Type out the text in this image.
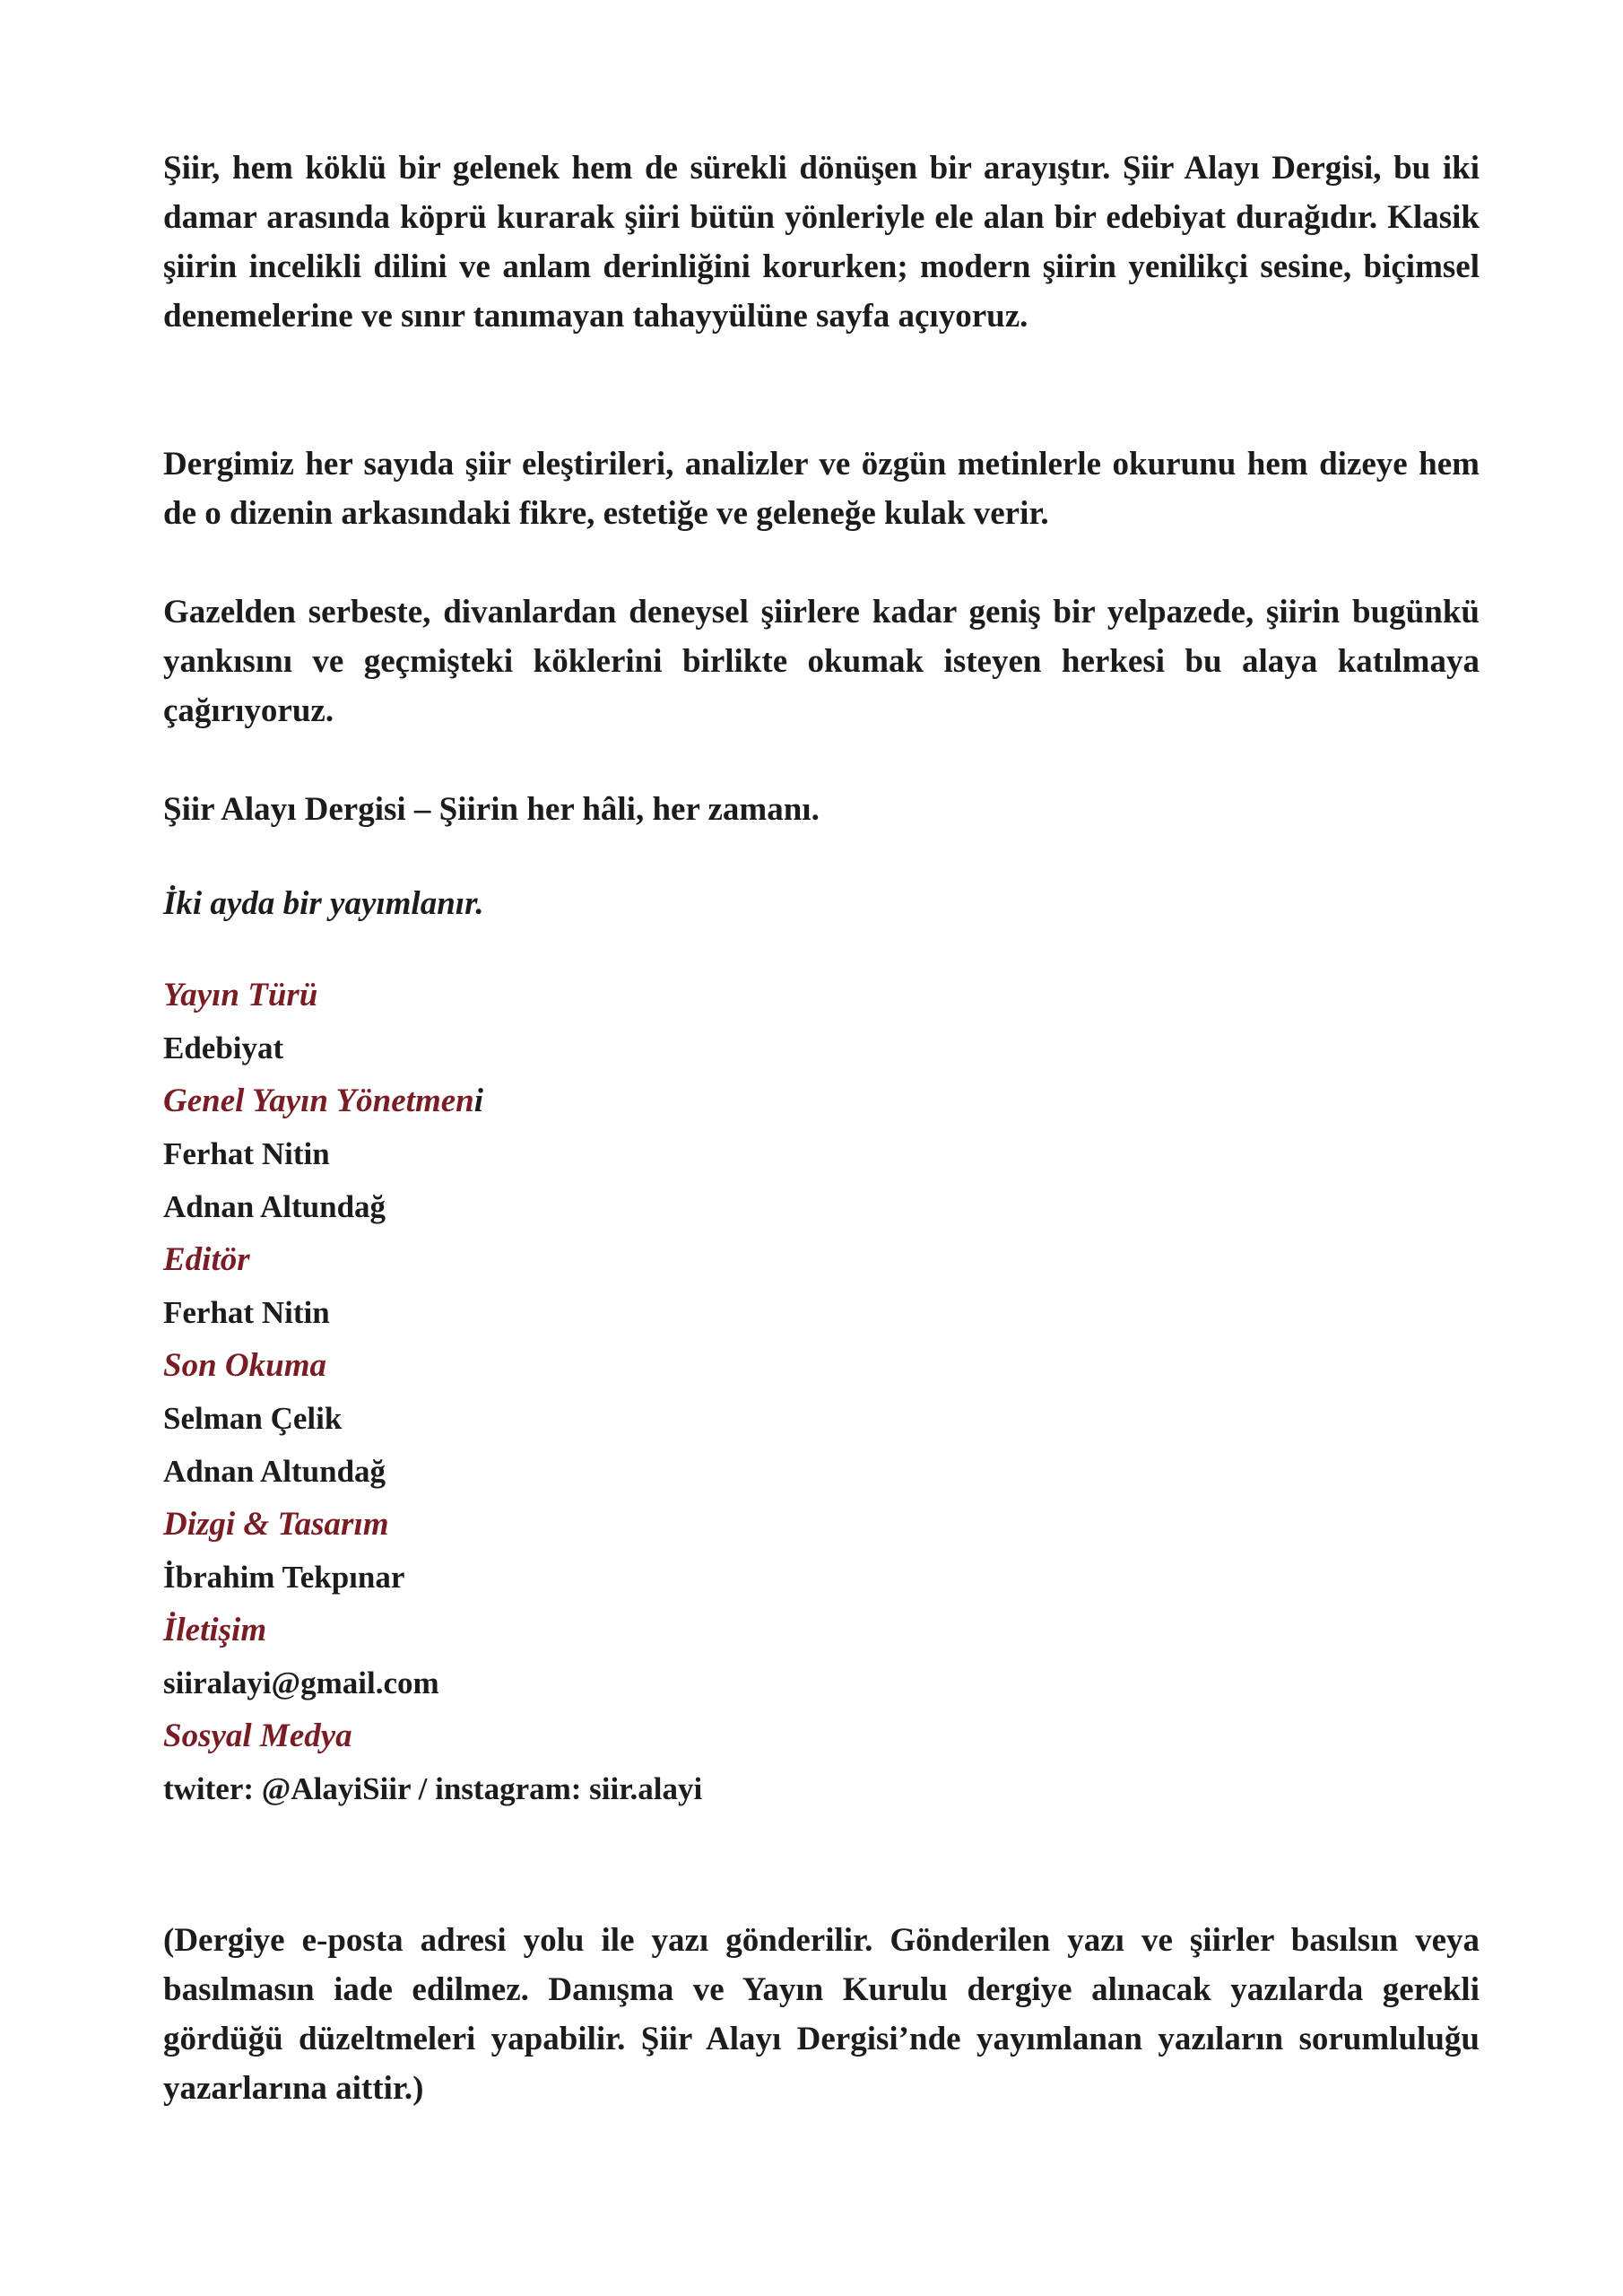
Şiir, hem köklü bir gelenek hem de sürekli dönüşen bir arayıştır. Şiir Alayı Dergisi, bu iki damar arasında köprü kurarak şiiri bütün yönleriyle ele alan bir edebiyat durağıdır. Klasik şiirin incelikli dilini ve anlam derinliğini korurken; modern şiirin yenilikçi sesine, biçimsel denemelerine ve sınır tanımayan tahayyülüne sayfa açıyoruz.

Dergimiz her sayıda şiir eleştirileri, analizler ve özgün metinlerle okurunu hem dizeye hem de o dizenin arkasındaki fikre, estetiğe ve geleneğe kulak verir.

Gazelden serbeste, divanlardan deneysel şiirlere kadar geniş bir yelpazede, şiirin bugünkü yankısını ve geçmişteki köklerini birlikte okumak isteyen herkesi bu alaya katılmaya çağırıyoruz.

Şiir Alayı Dergisi – Şiirin her hâli, her zamanı.

İki ayda bir yayımlanır.

Yayın Türü
Edebiyat
Genel Yayın Yönetmeni
Ferhat Nitin
Adnan Altundağ
Editör
Ferhat Nitin
Son Okuma
Selman Çelik
Adnan Altundağ
Dizgi & Tasarım
İbrahim Tekpınar
İletişim
siiralayi@gmail.com
Sosyal Medya
twiter: @AlayiSiir / instagram: siir.alayi

(Dergiye e-posta adresi yolu ile yazı gönderilir. Gönderilen yazı ve şiirler basılsın veya basılmasın iade edilmez. Danışma ve Yayın Kurulu dergiye alınacak yazılarda gerekli gördüğü düzeltmeleri yapabilir. Şiir Alayı Dergisi’nde yayımlanan yazıların sorumluluğu yazarlarına aittir.)
